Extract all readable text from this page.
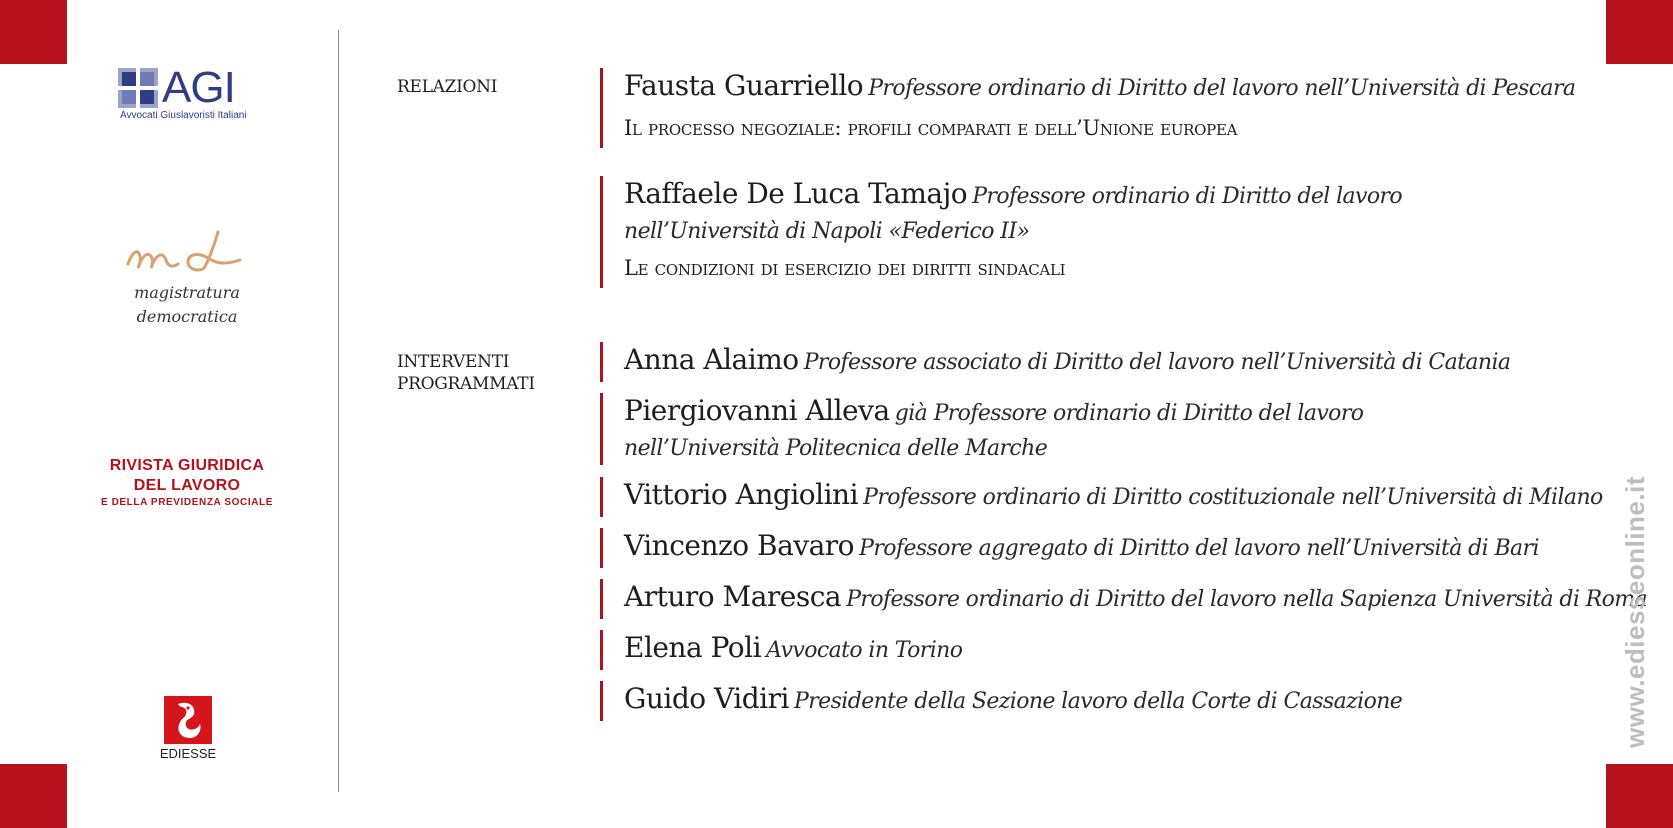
AGI
Avvocati Giuslavoristi Italiani
magistratura
democratica
RIVISTA GIURIDICA
DEL LAVORO
E DELLA PREVIDENZA SOCIALE
EDIESSE
RELAZIONI	Fausta Guarriello Professore ordinario di Diritto del lavoro nell’Università di Pescara
Il processo negoziale: profili comparati e dell’Unione europea
Raffaele De Luca Tamajo Professore ordinario di Diritto del lavoro
nell’Università di Napoli «Federico II»
Le condizioni di esercizio dei diritti sindacali
INTERVENTI
PROGRAMMATI
Anna Alaimo Professore associato di Diritto del lavoro nell’Università di Catania
Piergiovanni Alleva già Professore ordinario di Diritto del lavoro
nell’Università Politecnica delle Marche
Vittorio Angiolini Professore ordinario di Diritto costituzionale nell’Università di Milano
Vincenzo Bavaro Professore aggregato di Diritto del lavoro nell’Università di Bari
Arturo Maresca Professore ordinario di Diritto del lavoro nella Sapienza Università di Roma
Elena Poli Avvocato in Torino
Guido Vidiri Presidente della Sezione lavoro della Corte di Cassazione	www.ediesseonline.it
